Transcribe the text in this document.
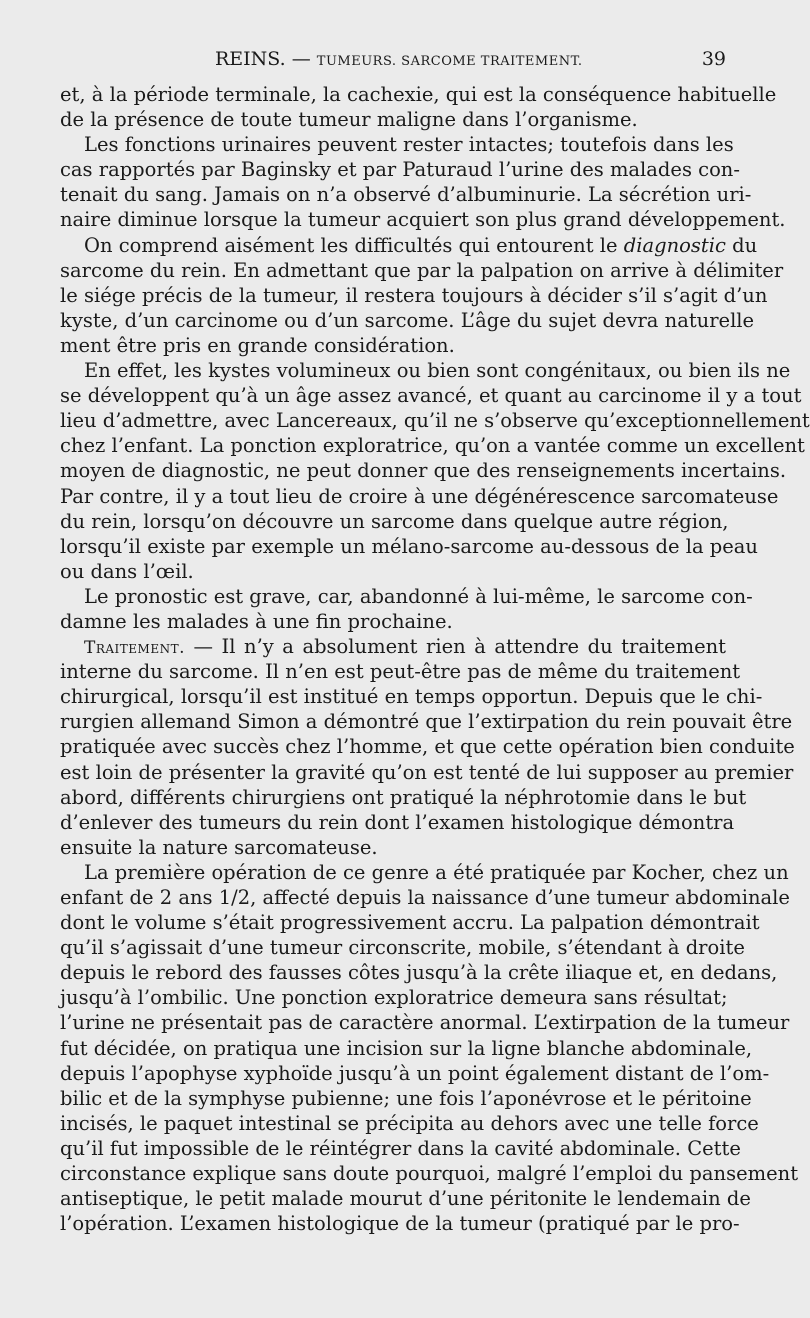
REINS. — TUMEURS. SARCOME TRAITEMENT.	39
et, à la période terminale, la cachexie, qui est la conséquence habituelle
de la présence de toute tumeur maligne dans l’organisme.
Les fonctions urinaires peuvent rester intactes; toutefois dans les
cas rapportés par Baginsky et par Paturaud l’urine des malades con-
tenait du sang. Jamais on n’a observé d’albuminurie. La sécrétion uri-
naire diminue lorsque la tumeur acquiert son plus grand développement.
On comprend aisément les difficultés qui entourent le diagnostic du
sarcome du rein. En admettant que par la palpation on arrive à délimiter
le siége précis de la tumeur, il restera toujours à décider s’il s’agit d’un
kyste, d’un carcinome ou d’un sarcome. L’âge du sujet devra naturelle
ment être pris en grande considération.
En effet, les kystes volumineux ou bien sont congénitaux, ou bien ils ne
se développent qu’à un âge assez avancé, et quant au carcinome il y a tout
lieu d’admettre, avec Lancereaux, qu’il ne s’observe qu’exceptionnellement
chez l’enfant. La ponction exploratrice, qu’on a vantée comme un excellent
moyen de diagnostic, ne peut donner que des renseignements incertains.
Par contre, il y a tout lieu de croire à une dégénérescence sarcomateuse
du rein, lorsqu’on découvre un sarcome dans quelque autre région,
lorsqu’il existe par exemple un mélano-sarcome au-dessous de la peau
ou dans l’œil.
Le pronostic est grave, car, abandonné à lui-même, le sarcome con-
damne les malades à une fin prochaine.
Traitement. — Il n’y a absolument rien à attendre du traitement
interne du sarcome. Il n’en est peut-être pas de même du traitement
chirurgical, lorsqu’il est institué en temps opportun. Depuis que le chi-
rurgien allemand Simon a démontré que l’extirpation du rein pouvait être
pratiquée avec succès chez l’homme, et que cette opération bien conduite
est loin de présenter la gravité qu’on est tenté de lui supposer au premier
abord, différents chirurgiens ont pratiqué la néphrotomie dans le but
d’enlever des tumeurs du rein dont l’examen histologique démontra
ensuite la nature sarcomateuse.
La première opération de ce genre a été pratiquée par Kocher, chez un
enfant de 2 ans 1/2, affecté depuis la naissance d’une tumeur abdominale
dont le volume s’était progressivement accru. La palpation démontrait
qu’il s’agissait d’une tumeur circonscrite, mobile, s’étendant à droite
depuis le rebord des fausses côtes jusqu’à la crête iliaque et, en dedans,
jusqu’à l’ombilic. Une ponction exploratrice demeura sans résultat;
l’urine ne présentait pas de caractère anormal. L’extirpation de la tumeur
fut décidée, on pratiqua une incision sur la ligne blanche abdominale,
depuis l’apophyse xyphoïde jusqu’à un point également distant de l’om-
bilic et de la symphyse pubienne; une fois l’aponévrose et le péritoine
incisés, le paquet intestinal se précipita au dehors avec une telle force
qu’il fut impossible de le réintégrer dans la cavité abdominale. Cette
circonstance explique sans doute pourquoi, malgré l’emploi du pansement
antiseptique, le petit malade mourut d’une péritonite le lendemain de
l’opération. L’examen histologique de la tumeur (pratiqué par le pro-
